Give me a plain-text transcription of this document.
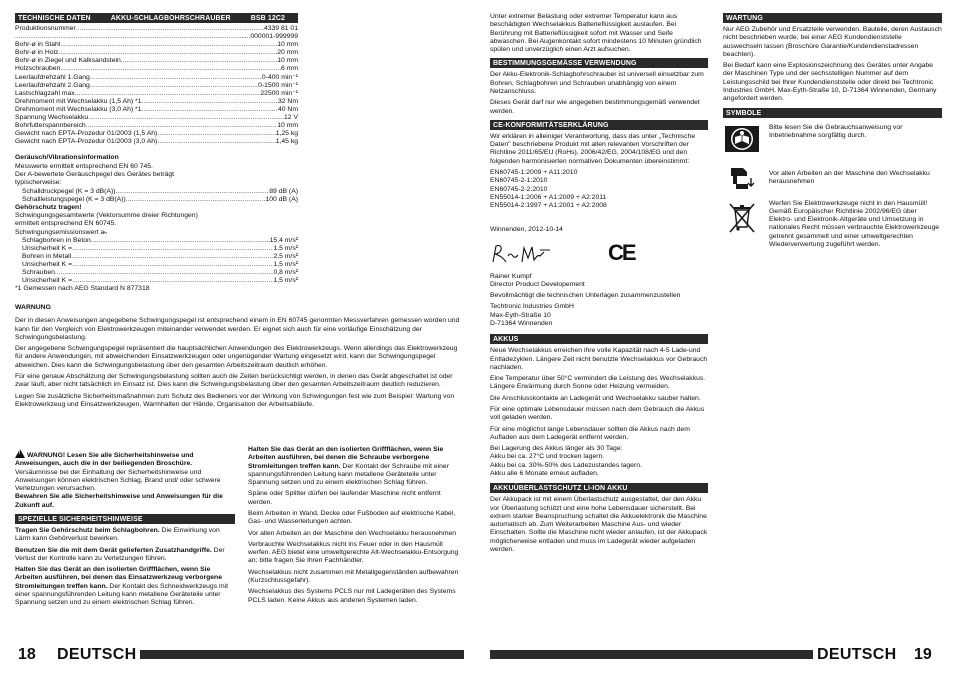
TECHNISCHE DATEN	AKKU-SCHLAGBOHRSCHRAUBER	BSB 12C2
Produktionsnummer .....	4339 81 01
.....
...000001-999999
Bohr-ø in Stahl .....	10 mm
Bohr-ø in Holz .....	20 mm
Bohr-ø in Ziegel und Kalksandstein .....	10 mm
Holzschrauben .....	6 mm
Leerlaufdrehzahl 1.Gang .....	0-400 min⁻¹
Leerlaufdrehzahl 2.Gang .....	0-1500 min⁻¹
Lastschlagzahl max. .....	22500 min⁻¹
Drehmoment mit Wechselakku (1,5 Ah) *1 .....	32 Nm
Drehmoment mit Wechselakku (3,0 Ah) *1 .....	40 Nm
Spannung Wechselakku .....	12 V
Bohrfutterspannbereich .....	10 mm
Gewicht nach EPTA-Prozedur 01/2003 (1,5 Ah) .....	1,25 kg
Gewicht nach EPTA-Prozedur 01/2003 (3,0 Ah) .....	1,45 kg
Geräusch/Vibrationsinformation
Messwerte ermittelt entsprechend EN 60 745.
Der A-bewertete Geräuschpegel des Gerätes beträgt
typischerweise:
Schalldruckpegel (K = 3 dB(A)) .....	89 dB (A)
Schallleistungspegel (K = 3 dB(A)) .....	100 dB (A)
Gehörschutz tragen!
Schwingungsgesamtwerte (Vektorsumme dreier Richtungen)
ermittelt entsprechend EN 60745.
Schwingungsemissionswert aₕ
Schlagbohren in Beton .....	15,4 m/s²
Unsicherheit K = .....	1,5 m/s²
Bohren in Metall .....	2,5 m/s²
Unsicherheit K = .....	1,5 m/s²
Schrauben .....	0,8 m/s²
Unsicherheit K = .....	1,5 m/s²
*1 Gemessen nach AEG Standard N 877318
WARNUNG

Der in diesen Anweisungen angegebene Schwingungspegel ist entsprechend einem in EN 60745 genormten Messverfahren gemessen worden und kann für den Vergleich von Elektrowerkzeugen miteinander verwendet werden. Er eignet sich auch für eine vorläufige Einschätzung der Schwingungsbelastung.

Der angegebene Schwingungspegel repräsentiert die hauptsächlichen Anwendungen des Elektrowerkzeugs. Wenn allerdings das Elektrowerkzeug für andere Anwendungen, mit abweichenden Einsatzwerkzeugen oder ungenügender Wartung eingesetzt wird, kann der Schwingungspegel abweichen. Dies kann die Schwingungsbelastung über den gesamten Arbeitszeitraum deutlich erhöhen.

Für eine genaue Abschätzung der Schwingungsbelastung sollten auch die Zeiten berücksichtigt werden, in denen das Gerät abgeschaltet ist oder zwar läuft, aber nicht tatsächlich im Einsatz ist. Dies kann die Schwingungsbelastung über den gesamten Arbeitszeitraum deutlich reduzieren.

Legen Sie zusätzliche Sicherheitsmaßnahmen zum Schutz des Bedieners vor der Wirkung von Schwingungen fest wie zum Beispiel: Wartung von Elektrowerkzeug und Einsatzwerkzeugen, Warmhalten der Hände, Organisation der Arbeitsabläufe.

!WARNUNG! Lesen Sie alle Sicherheitshinweise und Anweisungen, auch die in der beiliegenden Broschüre. Versäumnisse bei der Einhaltung der Sicherheitshinweise und Anweisungen können elektrischen Schlag, Brand und/ oder schwere Verletzungen verursachen.

Bewahren Sie alle Sicherheitshinweise und Anweisungen für die Zukunft auf.

SPEZIELLE SICHERHEITSHINWEISE

Tragen Sie Gehörschutz beim Schlagbohren. Die Einwirkung von Lärm kann Gehörverlust bewirken.

Benutzen Sie die mit dem Gerät gelieferten Zusatzhandgriffe. Der Verlust der Kontrolle kann zu Verletzungen führen.

Halten Sie das Gerät an den isolierten Griffflächen, wenn Sie Arbeiten ausführen, bei denen das Einsatzwerkzeug verborgene Stromleitungen treffen kann. Der Kontakt des Schneidwerkzeugs mit einer spannungsführenden Leitung kann metallene Geräteteile unter Spannung setzen und zu einem elektrischen Schlag führen.

Halten Sie das Gerät an den isolierten Griffflächen, wenn Sie Arbeiten ausführen, bei denen die Schraube verborgene Stromleitungen treffen kann. Der Kontakt der Schraube mit einer spannungsführenden Leitung kann metallene Geräteteile unter Spannung setzen und zu einem elektrischen Schlag führen.

Späne oder Splitter dürfen bei laufender Maschine nicht entfernt werden.

Beim Arbeiten in Wand, Decke oder Fußboden auf elektrische Kabel, Gas- und Wasserleitungen achten.

Vor allen Arbeiten an der Maschine den Wechselakku herausnehmen

Verbrauchte Wechselakkus nicht ins Feuer oder in den Hausmüll werfen. AEG bietet eine umweltgerechte Alt-Wechselakku-Entsorgung an; bitte fragen Sie Ihren Fachhändler.

Wechselakkus nicht zusammen mit Metallgegenständen aufbewahren (Kurzschlussgefahr).

Wechselakkus des Systems PCLS nur mit Ladegeräten des Systems PCLS laden. Keine Akkus aus anderen Systemen laden.

18 DEUTSCH

Unter extremer Belastung oder extremer Temperatur kann aus beschädigten Wechselakkus Batterieflüssigkeit auslaufen. Bei Berührung mit Batterieflüssigkeit sofort mit Wasser und Seife abwaschen. Bei Augenkontakt sofort mindestens 10 Minuten gründlich spülen und unverzüglich einen Arzt aufsuchen.

BESTIMMUNGSGEMÄSSE VERWENDUNG

Der Akku-Elektronik-Schlagbohrschrauber ist universell einsetzbar zum Bohren, Schlagbohren und Schrauben unabhängig von einem Netzanschluss.

Dieses Gerät darf nur wie angegeben bestimmungsgemäß verwendet werden.

CE-KONFORMITÄTSERKLÄRUNG

Wir erklären in alleiniger Verantwortung, dass das unter „Technische Daten" beschriebene Produkt mit allen relevanten Vorschriften der Richtline 2011/65/EU (RoHs), 2006/42/EG, 2004/108/EG und den folgenden harmonisierten normativen Dokumenten übereinstimmt:

EN60745-1:2009 + A11:2010
EN60745-2-1:2010
EN60745-2-2:2010
EN55014-1:2006 + A1:2009 + A2:2011
EN55014-2:1997 + A1:2001 + A2:2008
Winnenden, 2012-10-14
CE
Rainer Kumpf
Director Product Developement
Bevollmächtigt die technischen Unterlagen zusammenzustellen
Techtronic Industries GmbH
Max-Eyth-Straße 10
D-71364 Winnenden
AKKUS

Neue Wechselakkus erreichen ihre volle Kapazität nach 4-5 Lade-und Entladezyklen. Längere Zeit nicht benutzte Wechselakkus vor Gebrauch nachladen.

Eine Temperatur über 50°C vermindert die Leistung des Wechselakkus. Längere Erwärmung durch Sonne oder Heizung vermeiden.

Die Anschlusskontakte an Ladegerät und Wechselakku sauber halten.

Für eine optimale Lebensdauer müssen nach dem Gebrauch die Akkus voll geladen werden.

Für eine möglichst lange Lebensdauer sollten die Akkus nach dem Aufladen aus dem Ladegerät entfernt werden.

Bei Lagerung des Akkus länger als 30 Tage:
Akku bei ca. 27°C und trocken lagern.
Akku bei ca. 30%-50% des Ladezustandes lagern.
Akku alle 6 Monate erneut aufladen.
AKKUÜBERLASTSCHUTZ LI-ION AKKU

Der Akkupack ist mit einem Überlastschutz ausgestattet, der den Akku vor Überlastung schützt und eine hohe Lebensdauer sicherstellt. Bei extrem starker Beanspruchung schaltet die Akkuelektronik die Maschine automatisch ab. Zum Weiterarbeiten Maschine Aus- und wieder Einschalten. Sollte die Maschine nicht wieder anlaufen, ist der Akkupack möglicherweise entladen und muss im Ladegerät wieder aufgeladen werden.

WARTUNG

Nur AEG Zubehör und Ersatzteile verwenden. Bauteile, deren Austausch nicht beschrieben wurde, bei einer AEG Kundendienststelle auswechseln lassen (Broschüre Garantie/Kundendienstadressen beachten).

Bei Bedarf kann eine Explosionszeichnung des Gerätes unter Angabe der Maschinen Type und der sechsstelligen Nummer auf dem Leistungsschild bei Ihrer Kundendienststelle oder direkt bei Techtronic Industries GmbH, Max-Eyth-Straße 10, D-71364 Winnenden, Germany angefordert werden.

SYMBOLE
Bitte lesen Sie die Gebrauchsanweisung vor Inbetriebnahme sorgfältig durch.
Vor allen Arbeiten an der Maschine den Wechselakku herausnehmen
Werfen Sie Elektrowerkzeuge nicht in den Hausmüll! Gemäß Europäischer Richtlinie 2002/96/EG über Elektro- und Elektronik-Altgeräte und Umsetzung in nationales Recht müssen verbrauchte Elektrowerkzeuge getrennt gesammelt und einer umweltgerechten Wiederverwertung zugeführt werden.
DEUTSCH 19
